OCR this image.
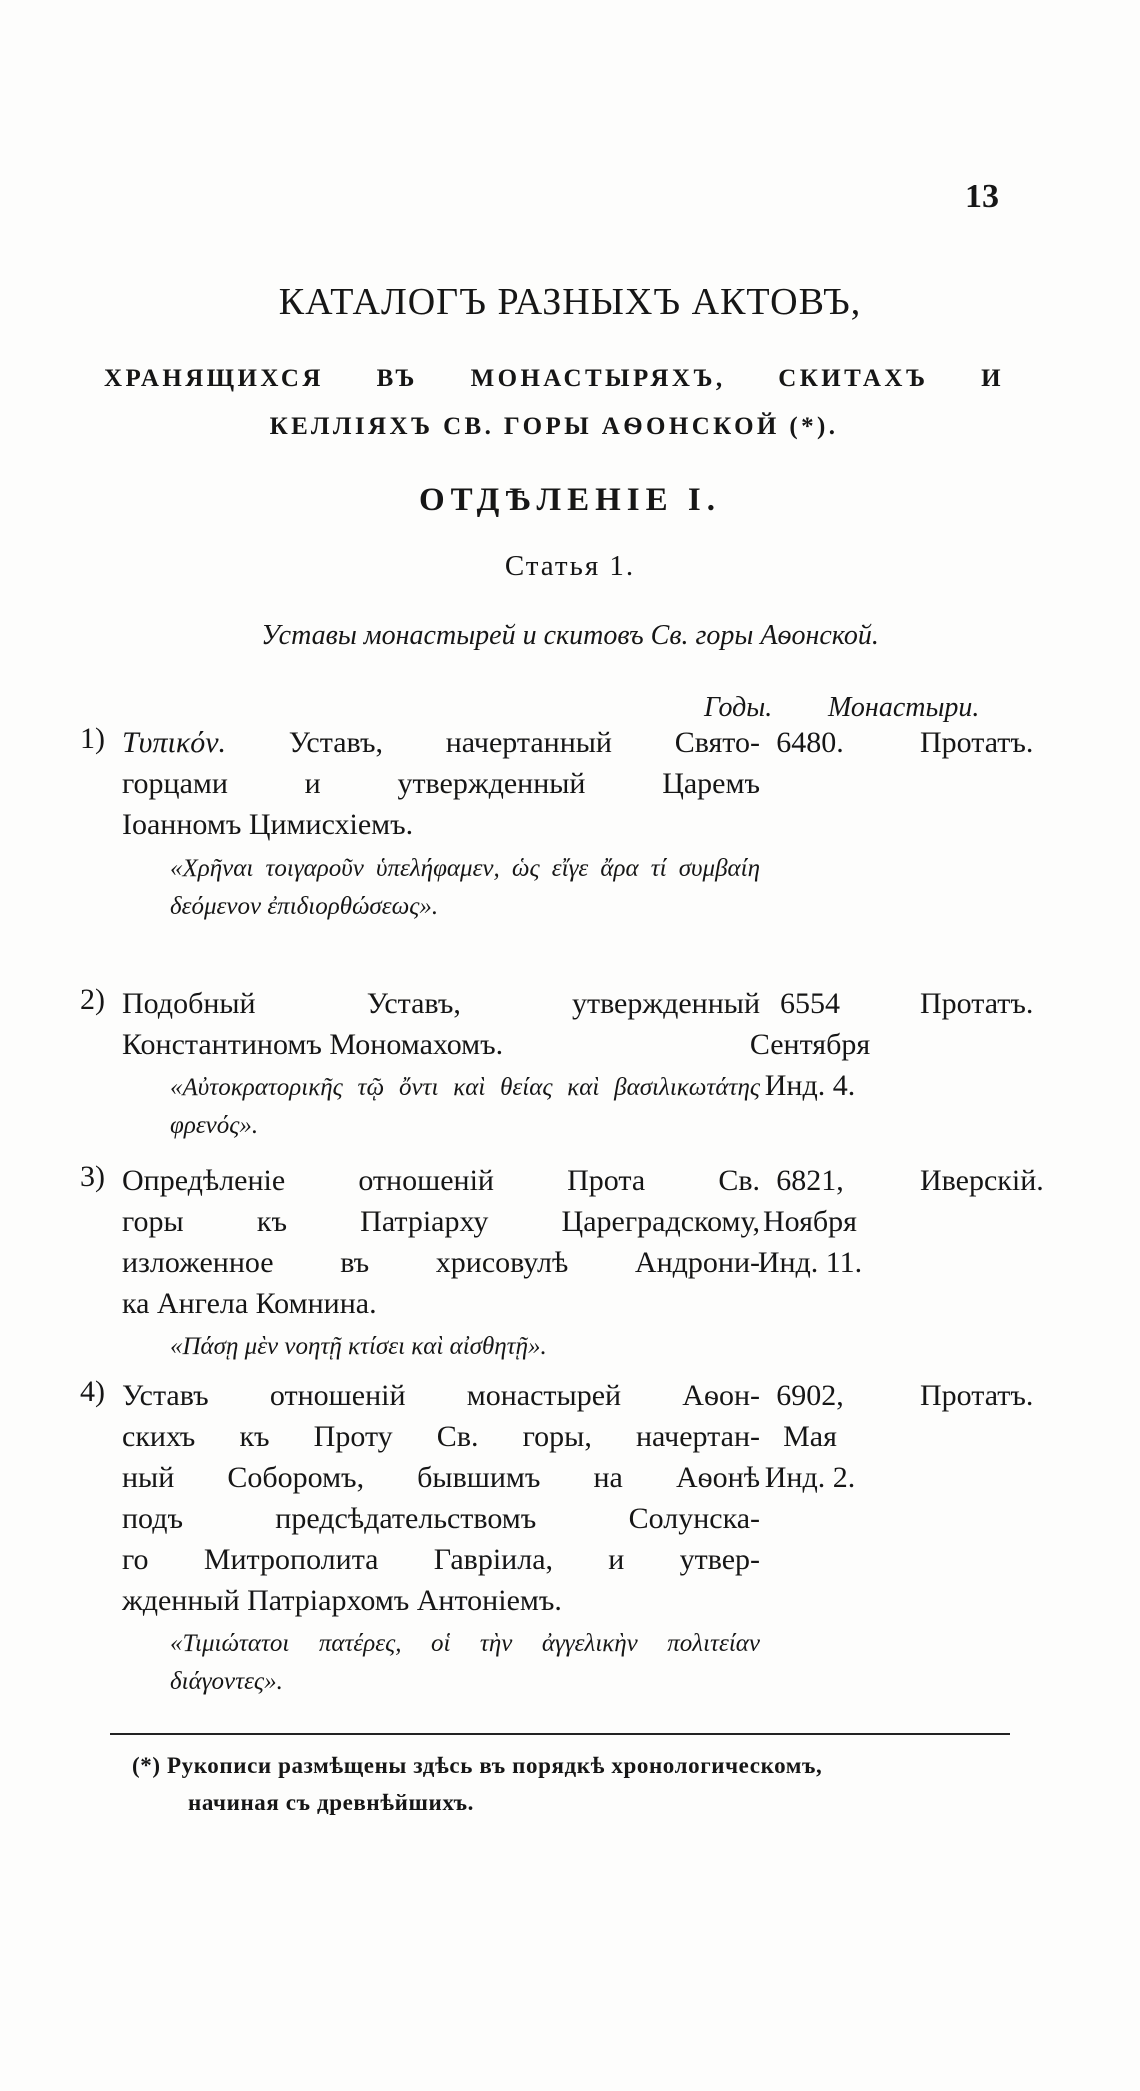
13
КАТАЛОГЪ РАЗНЫХЪ АКТОВЪ,
ХРАНЯЩИХСЯ ВЪ МОНАСТЫРЯХЪ, СКИТАХЪ И
КЕЛЛІЯХЪ СВ. ГОРЫ АѲОНСКОЙ (*).
ОТДѢЛЕНІЕ I.
Статья 1.
Уставы монастырей и скитовъ Св. горы Аѳонской.
Годы. Монастыри.
1) Τυπικόν. Уставъ, начертанный Свято-
горцами и утвержденный Царемъ
Іоанномъ Цимисхіемъ.
«Χρῆναι τοιγαροῦν ὑπελήφαμεν, ὡς εἴγε ἄρα τί συμβαίη δεόμενον ἐπιδιορθώσεως».
6480.	Протатъ.
2) Подобный Уставъ, утвержденный
Константиномъ Мономахомъ.
«Αὐτοκρατορικῆς τῷ ὄντι καὶ θείας καὶ βασιλικωτάτης φρενός».
6554
Сентября
Инд. 4.
Протатъ.
3) Опредѣленіе отношеній Прота Св.
горы къ Патріарху Цареградскому,
изложенное въ хрисовулѣ Андрони-
ка Ангела Комнина.
«Πάσῃ μὲν νοητῇ κτίσει καὶ αἰσθητῇ».
6821,
Ноября
Инд. 11.
Иверскій.
4) Уставъ отношеній монастырей Аѳон-
скихъ къ Проту Св. горы, начертан-
ный Соборомъ, бывшимъ на Аѳонѣ
подъ предсѣдательствомъ Солунска-
го Митрополита Гавріила, и утвер-
жденный Патріархомъ Антоніемъ.
«Τιμιώτατοι πατέρες, οἱ τὴν ἀγγελικὴν πολιτείαν διάγοντες».
6902,
Мая
Инд. 2.
Протатъ.
(*) Рукописи размѣщены здѣсь въ порядкѣ хронологическомъ,
начиная съ древнѣйшихъ.
